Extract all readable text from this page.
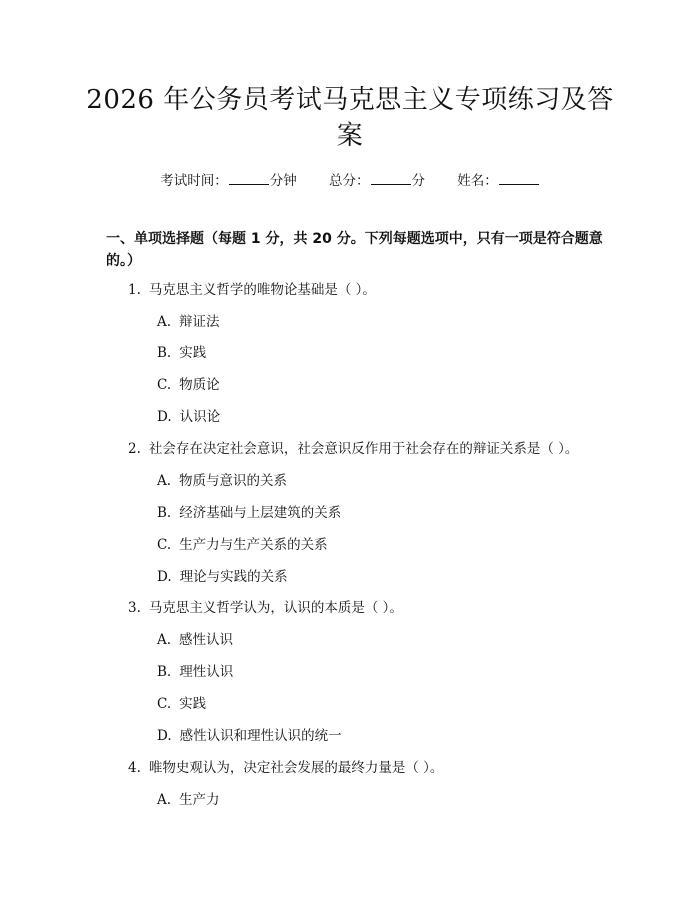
2026 年公务员考试马克思主义专项练习及答
案
考试时间：	分钟 总分：	分 姓名：
一、单项选择题（每题 1 分，共 20 分。下列每题选项中，只有一项是符合题意
的。）
1. 马克思主义哲学的唯物论基础是（ ）。
A. 辩证法
B. 实践
C. 物质论
D. 认识论
2. 社会存在决定社会意识，社会意识反作用于社会存在的辩证关系是（ ）。
A. 物质与意识的关系
B. 经济基础与上层建筑的关系
C. 生产力与生产关系的关系
D. 理论与实践的关系
3. 马克思主义哲学认为，认识的本质是（ ）。
A. 感性认识
B. 理性认识
C. 实践
D. 感性认识和理性认识的统一
4. 唯物史观认为，决定社会发展的最终力量是（ ）。
A. 生产力
